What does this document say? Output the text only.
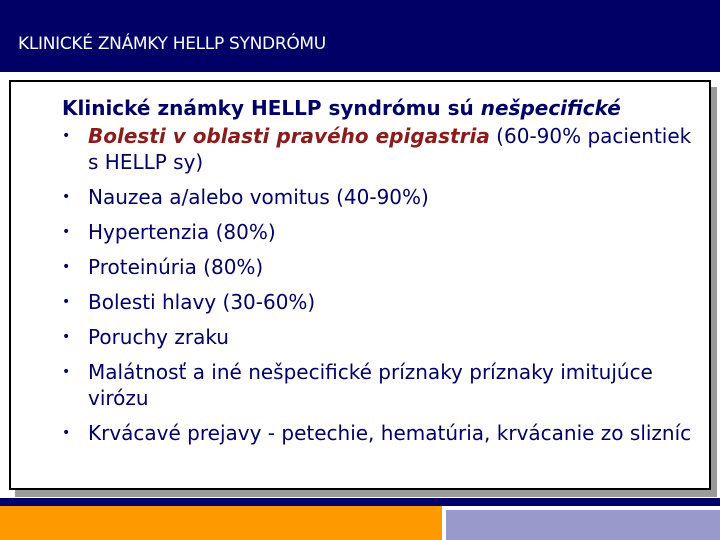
KLINICKÉ ZNÁMKY HELLP SYNDRÓMU

Klinické známky HELLP syndrómu sú nešpecifické

• Bolesti v oblasti pravého epigastria (60-90% pacientiek s HELLP sy)
• Nauzea a/alebo vomitus (40-90%)
• Hypertenzia (80%)
• Proteinúria (80%)
• Bolesti hlavy (30-60%)
• Poruchy zraku
• Malátnosť a iné nešpecifické príznaky príznaky imitujúce virózu
• Krvácavé prejavy - petechie, hematúria, krvácanie zo slizníc
